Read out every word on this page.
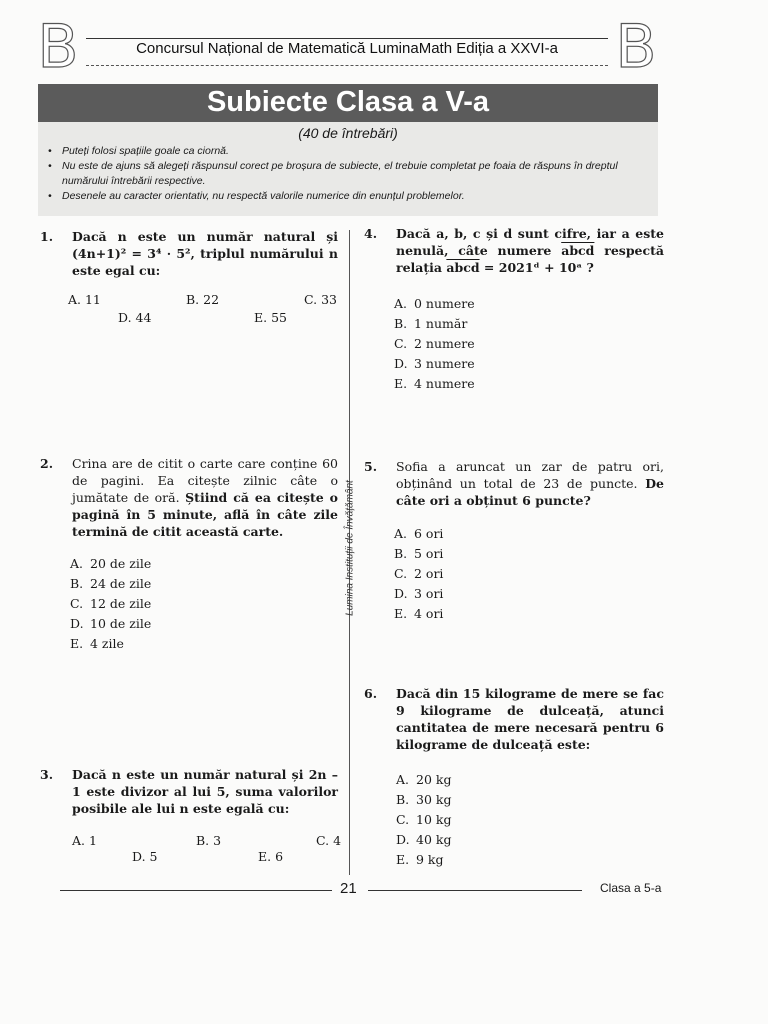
B	Concursul Național de Matematică LuminaMath Ediția a XXVI-a B
Subiecte Clasa a V-a
(40 de întrebări)
• Puteți folosi spațiile goale ca ciornă.
• Nu este de ajuns să alegeți răspunsul corect pe broșura de subiecte, el trebuie completat pe foaia de răspuns în dreptul numărului întrebării respective.
• Desenele au caracter orientativ, nu respectă valorile numerice din enunțul problemelor.
Lumina Instituții de Învățământ
1. Dacă n este un număr natural și (4n+1)² = 3⁴ · 5², triplul numărului n este egal cu:
A. 11	B. 22	C. 33
D. 44	E. 55
2. Crina are de citit o carte care conține 60 de pagini. Ea citește zilnic câte o jumătate de oră. Știind că ea citește o pagină în 5 minute, află în câte zile termină de citit această carte.
A. 20 de zile
B. 24 de zile
C. 12 de zile
D. 10 de zile
E. 4 zile
3. Dacă n este un număr natural și 2n – 1 este divizor al lui 5, suma valorilor posibile ale lui n este egală cu:
A. 1	B. 3	C. 4
D. 5	E. 6
4. Dacă a, b, c și d sunt cifre, iar a este nenulă, câte numere abcd respectă relația abcd = 2021ᵈ + 10ᵃ ?
A. 0 numere
B. 1 număr
C. 2 numere
D. 3 numere
E. 4 numere
5. Sofia a aruncat un zar de patru ori, obținând un total de 23 de puncte. De câte ori a obținut 6 puncte?
A. 6 ori
B. 5 ori
C. 2 ori
D. 3 ori
E. 4 ori
6. Dacă din 15 kilograme de mere se fac 9 kilograme de dulceață, atunci cantitatea de mere necesară pentru 6 kilograme de dulceață este:
A. 20 kg
B. 30 kg
C. 10 kg
D. 40 kg
E. 9 kg
21	Clasa a 5-a
